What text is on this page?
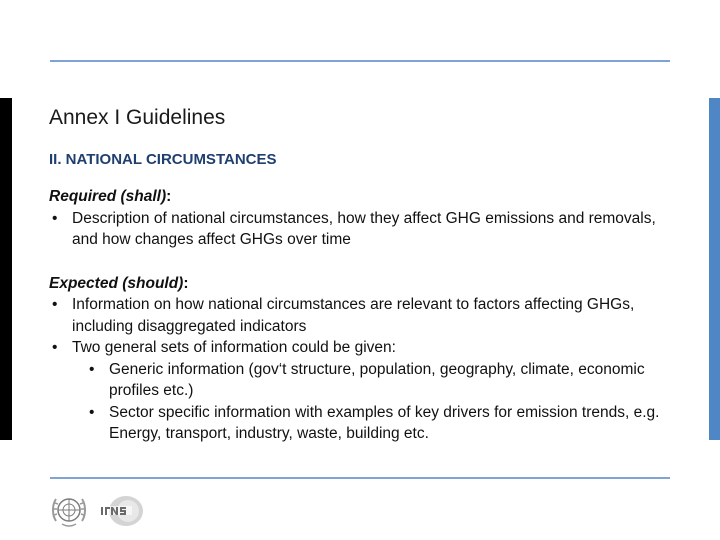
Annex I Guidelines
II. NATIONAL CIRCUMSTANCES
Required (shall):
• Description of national circumstances, how they affect GHG emissions and removals, and how changes affect GHGs over time
Expected (should):
• Information on how national circumstances are relevant to factors affecting GHGs, including disaggregated indicators
• Two general sets of information could be given:
• Generic information (gov‘t structure, population, geography, climate, economic profiles etc.)
• Sector specific information with examples of key drivers for emission trends, e.g. Energy, transport, industry, waste, building etc.
